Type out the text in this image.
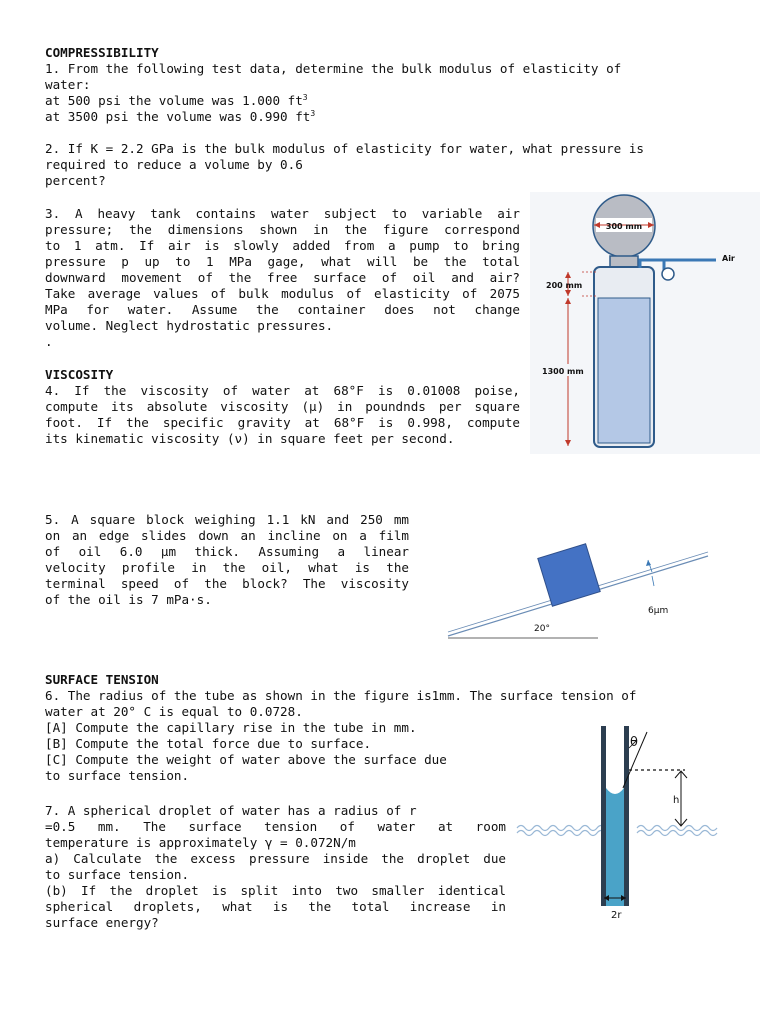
COMPRESSIBILITY
1. From the following test data, determine the bulk modulus of elasticity of
water:
at 500 psi the volume was 1.000 $ft^3$
at 3500 psi the volume was 0.990 $ft^3$
2. If K = 2.2 GPa is the bulk modulus of elasticity for water, what pressure is
required to reduce a volume by 0.6
percent?
3. A heavy tank contains water subject to variable air
pressure; the dimensions shown in the figure correspond
to 1 atm. If air is slowly added from a pump to bring
pressure p up to 1 MPa gage, what will be the total
downward movement of the free surface of oil and air?
Take average values of bulk modulus of elasticity of 2075
MPa for water. Assume the container does not change
volume. Neglect hydrostatic pressures.
.
300 mm
Air
200 mm
1300 mm
VISCOSITY
4. If the viscosity of water at 68°F is 0.01008 poise,
compute its absolute viscosity (μ) in poundnds per square
foot. If the specific gravity at 68°F is 0.998, compute
its kinematic viscosity (ν) in square feet per second.
5. A square block weighing 1.1 kN and 250 mm
on an edge slides down an incline on a film
of oil 6.0 μm thick. Assuming a linear
velocity profile in the oil, what is the
terminal speed of the block? The viscosity
of the oil is 7 mPa·s.
6μm
20°
SURFACE TENSION
6. The radius of the tube as shown in the figure is1mm. The surface tension of
water at 20° C is equal to 0.0728.
[A] Compute the capillary rise in the tube in mm.
[B] Compute the total force due to surface.
[C] Compute the weight of water above the surface due
to surface tension.
7. A spherical droplet of water has a radius of r
=0.5 mm. The surface tension of water at room
temperature is approximately γ = 0.072N/m
a) Calculate the excess pressure inside the droplet due
to surface tension.
(b) If the droplet is split into two smaller identical
spherical droplets, what is the total increase in
surface energy?
θ
h
2r
